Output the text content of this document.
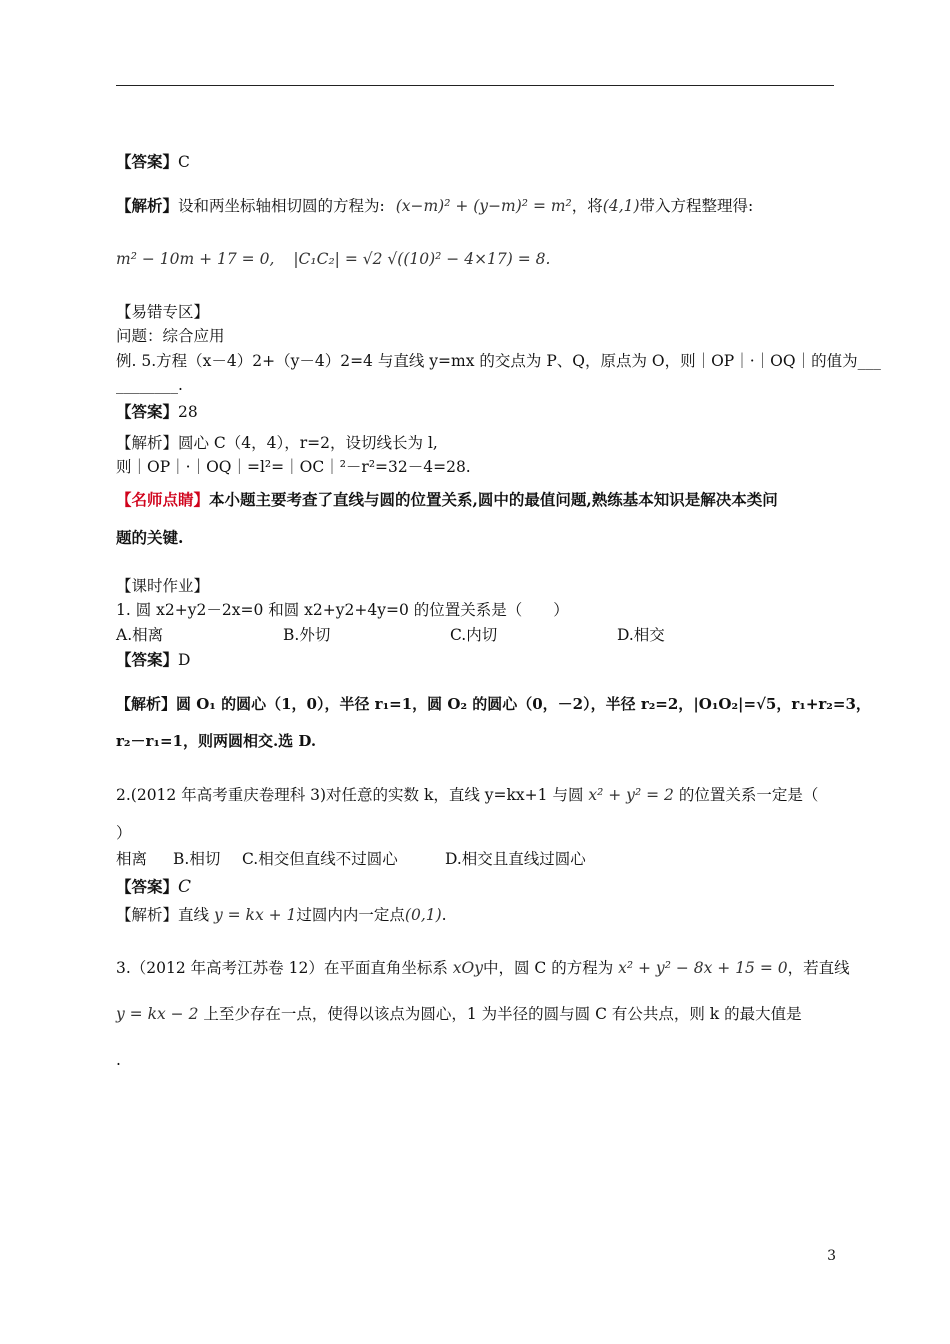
【答案】C
【解析】设和两坐标轴相切圆的方程为: (x−m)² + (y−m)² = m²，将(4,1)带入方程整理得:
m² − 10m + 17 = 0, |C₁C₂| = √2 √((10)² − 4×17) = 8.
【易错专区】
问题：综合应用
例. 5.方程（x－4）2+（y－4）2=4 与直线 y=mx 的交点为 P、Q，原点为 O，则｜OP｜·｜OQ｜的值为___
________.
【答案】28
【解析】圆心 C（4，4），r=2，设切线长为 l,
则｜OP｜·｜OQ｜=l²=｜OC｜²－r²=32－4=28.
【名师点睛】本小题主要考查了直线与圆的位置关系,圆中的最值问题,熟练基本知识是解决本类问
题的关键.
【课时作业】
1. 圆 x2+y2－2x=0 和圆 x2+y2+4y=0 的位置关系是（　　）
A.相离	B.外切	C.内切	D.相交
【答案】D
【解析】圆 O₁ 的圆心（1，0），半径 r₁=1，圆 O₂ 的圆心（0，－2），半径 r₂=2，|O₁O₂|=√5，r₁+r₂=3，
r₂－r₁=1，则两圆相交.选 D.
2.(2012 年高考重庆卷理科 3)对任意的实数 k，直线 y=kx+1 与圆 x² + y² = 2 的位置关系一定是（
）
相离 B.相切 C.相交但直线不过圆心	D.相交且直线过圆心
【答案】C
【解析】直线 y = kx + 1过圆内内一定点(0,1).
3.（2012 年高考江苏卷 12）在平面直角坐标系 xOy中，圆 C 的方程为 x² + y² − 8x + 15 = 0，若直线
y = kx − 2 上至少存在一点，使得以该点为圆心，1 为半径的圆与圆 C 有公共点，则 k 的最大值是
.
3
